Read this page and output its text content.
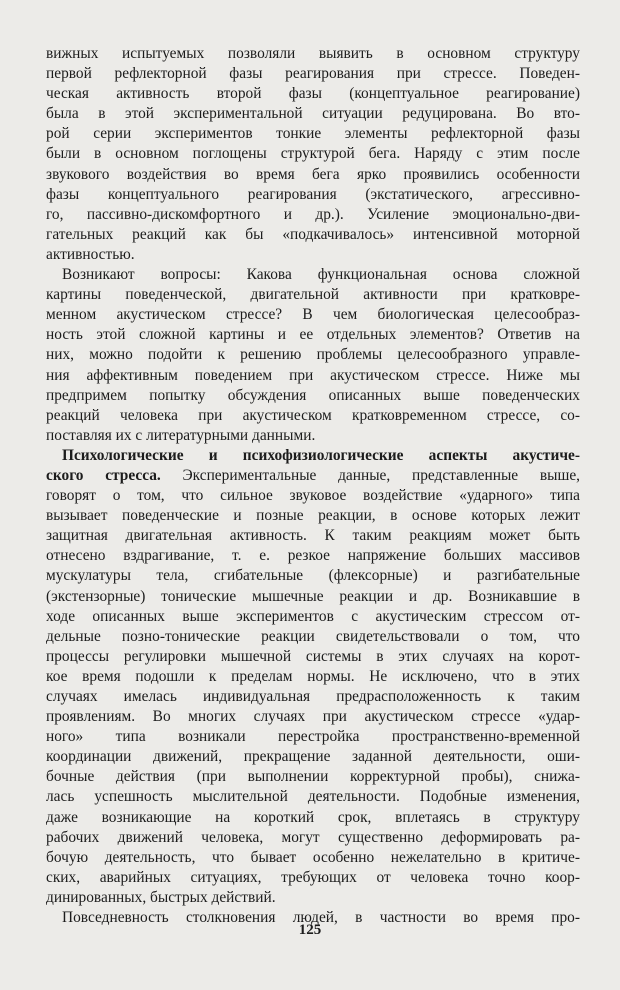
вижных испытуемых позволяли выявить в основном структуру
первой рефлекторной фазы реагирования при стрессе. Поведен-
ческая активность второй фазы (концептуальное реагирование)
была в этой экспериментальной ситуации редуцирована. Во вто-
рой серии экспериментов тонкие элементы рефлекторной фазы
были в основном поглощены структурой бега. Наряду с этим после
звукового воздействия во время бега ярко проявились особенности
фазы концептуального реагирования (экстатического, агрессивно-
го, пассивно-дискомфортного и др.). Усиление эмоционально-дви-
гательных реакций как бы «подкачивалось» интенсивной моторной
активностью.
Возникают вопросы: Какова функциональная основа сложной
картины поведенческой, двигательной активности при кратковре-
менном акустическом стрессе? В чем биологическая целесообраз-
ность этой сложной картины и ее отдельных элементов? Ответив на
них, можно подойти к решению проблемы целесообразного управле-
ния аффективным поведением при акустическом стрессе. Ниже мы
предпримем попытку обсуждения описанных выше поведенческих
реакций человека при акустическом кратковременном стрессе, со-
поставляя их с литературными данными.
Психологические и психофизиологические аспекты акустиче-
ского стресса. Экспериментальные данные, представленные выше,
говорят о том, что сильное звуковое воздействие «ударного» типа
вызывает поведенческие и позные реакции, в основе которых лежит
защитная двигательная активность. К таким реакциям может быть
отнесено вздрагивание, т. е. резкое напряжение больших массивов
мускулатуры тела, сгибательные (флексорные) и разгибательные
(экстензорные) тонические мышечные реакции и др. Возникавшие в
ходе описанных выше экспериментов с акустическим стрессом от-
дельные позно-тонические реакции свидетельствовали о том, что
процессы регулировки мышечной системы в этих случаях на корот-
кое время подошли к пределам нормы. Не исключено, что в этих
случаях имелась индивидуальная предрасположенность к таким
проявлениям. Во многих случаях при акустическом стрессе «удар-
ного» типа возникали перестройка пространственно-временной
координации движений, прекращение заданной деятельности, оши-
бочные действия (при выполнении корректурной пробы), снижа-
лась успешность мыслительной деятельности. Подобные изменения,
даже возникающие на короткий срок, вплетаясь в структуру
рабочих движений человека, могут существенно деформировать ра-
бочую деятельность, что бывает особенно нежелательно в критиче-
ских, аварийных ситуациях, требующих от человека точно коор-
динированных, быстрых действий.
Повседневность столкновения людей, в частности во время про-
125
